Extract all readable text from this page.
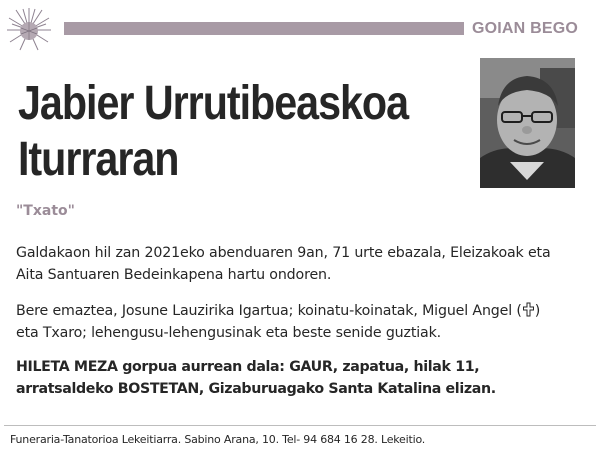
GOIAN BEGO
Jabier Urrutibeaskoa
Iturraran
"Txato"
Galdakaon hil zan 2021eko abenduaren 9an, 71 urte ebazala, Eleizakoak eta
Aita Santuaren Bedeinkapena hartu ondoren.
Bere emaztea, Josune Lauzirika Igartua; koinatu-koinatak, Miguel Angel ( )
eta Txaro; lehengusu-lehengusinak eta beste senide guztiak.
HILETA MEZA gorpua aurrean dala: GAUR, zapatua, hilak 11,
arratsaldeko BOSTETAN, Gizaburuagako Santa Katalina elizan.
Funeraria-Tanatorioa Lekeitiarra. Sabino Arana, 10. Tel- 94 684 16 28. Lekeitio.
